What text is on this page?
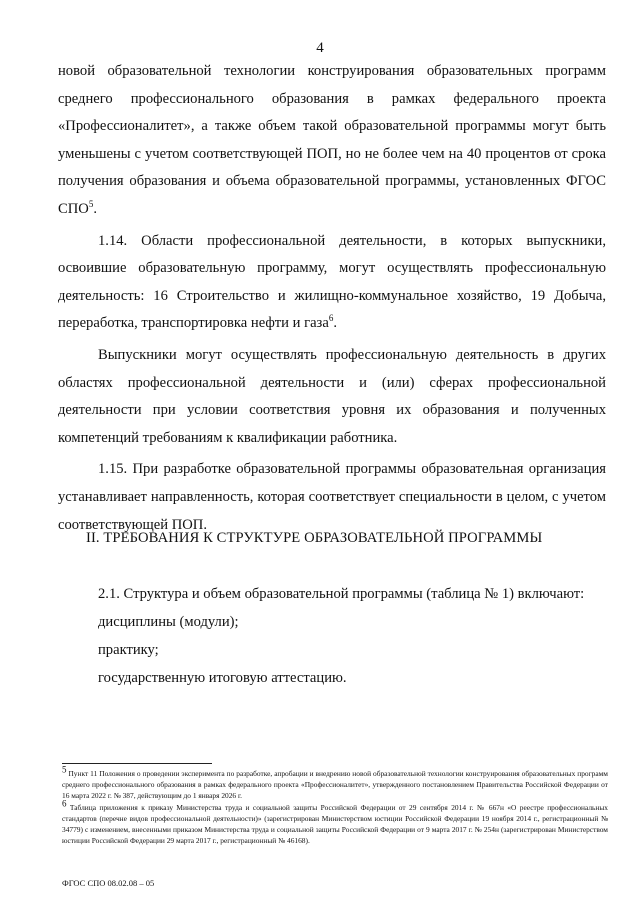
4

новой образовательной технологии конструирования образовательных программ среднего профессионального образования в рамках федерального проекта «Профессионалитет», а также объем такой образовательной программы могут быть уменьшены с учетом соответствующей ПОП, но не более чем на 40 процентов от срока получения образования и объема образовательной программы, установленных ФГОС СПО$^5$.

1.14. Области профессиональной деятельности, в которых выпускники, освоившие образовательную программу, могут осуществлять профессиональную деятельность: 16 Строительство и жилищно-коммунальное хозяйство, 19 Добыча, переработка, транспортировка нефти и газа$^6$.

Выпускники могут осуществлять профессиональную деятельность в других областях профессиональной деятельности и (или) сферах профессиональной деятельности при условии соответствия уровня их образования и полученных компетенций требованиям к квалификации работника.

1.15. При разработке образовательной программы образовательная организация устанавливает направленность, которая соответствует специальности в целом, с учетом соответствующей ПОП.

II. ТРЕБОВАНИЯ К СТРУКТУРЕ ОБРАЗОВАТЕЛЬНОЙ ПРОГРАММЫ

2.1. Структура и объем образовательной программы (таблица № 1) включают:

дисциплины (модули);

практику;

государственную итоговую аттестацию.

$^5$ Пункт 11 Положения о проведении эксперимента по разработке, апробации и внедрению новой образовательной технологии конструирования образовательных программ среднего профессионального образования в рамках федерального проекта «Профессионалитет», утвержденного постановлением Правительства Российской Федерации от 16 марта 2022 г. № 387, действующим до 1 января 2026 г.

$^6$ Таблица приложения к приказу Министерства труда и социальной защиты Российской Федерации от 29 сентября 2014 г. № 667н «О реестре профессиональных стандартов (перечне видов профессиональной деятельности)» (зарегистрирован Министерством юстиции Российской Федерации 19 ноября 2014 г., регистрационный № 34779) с изменением, внесенными приказом Министерства труда и социальной защиты Российской Федерации от 9 марта 2017 г. № 254н (зарегистрирован Министерством юстиции Российской Федерации 29 марта 2017 г., регистрационный № 46168).

ФГОС СПО 08.02.08 – 05
